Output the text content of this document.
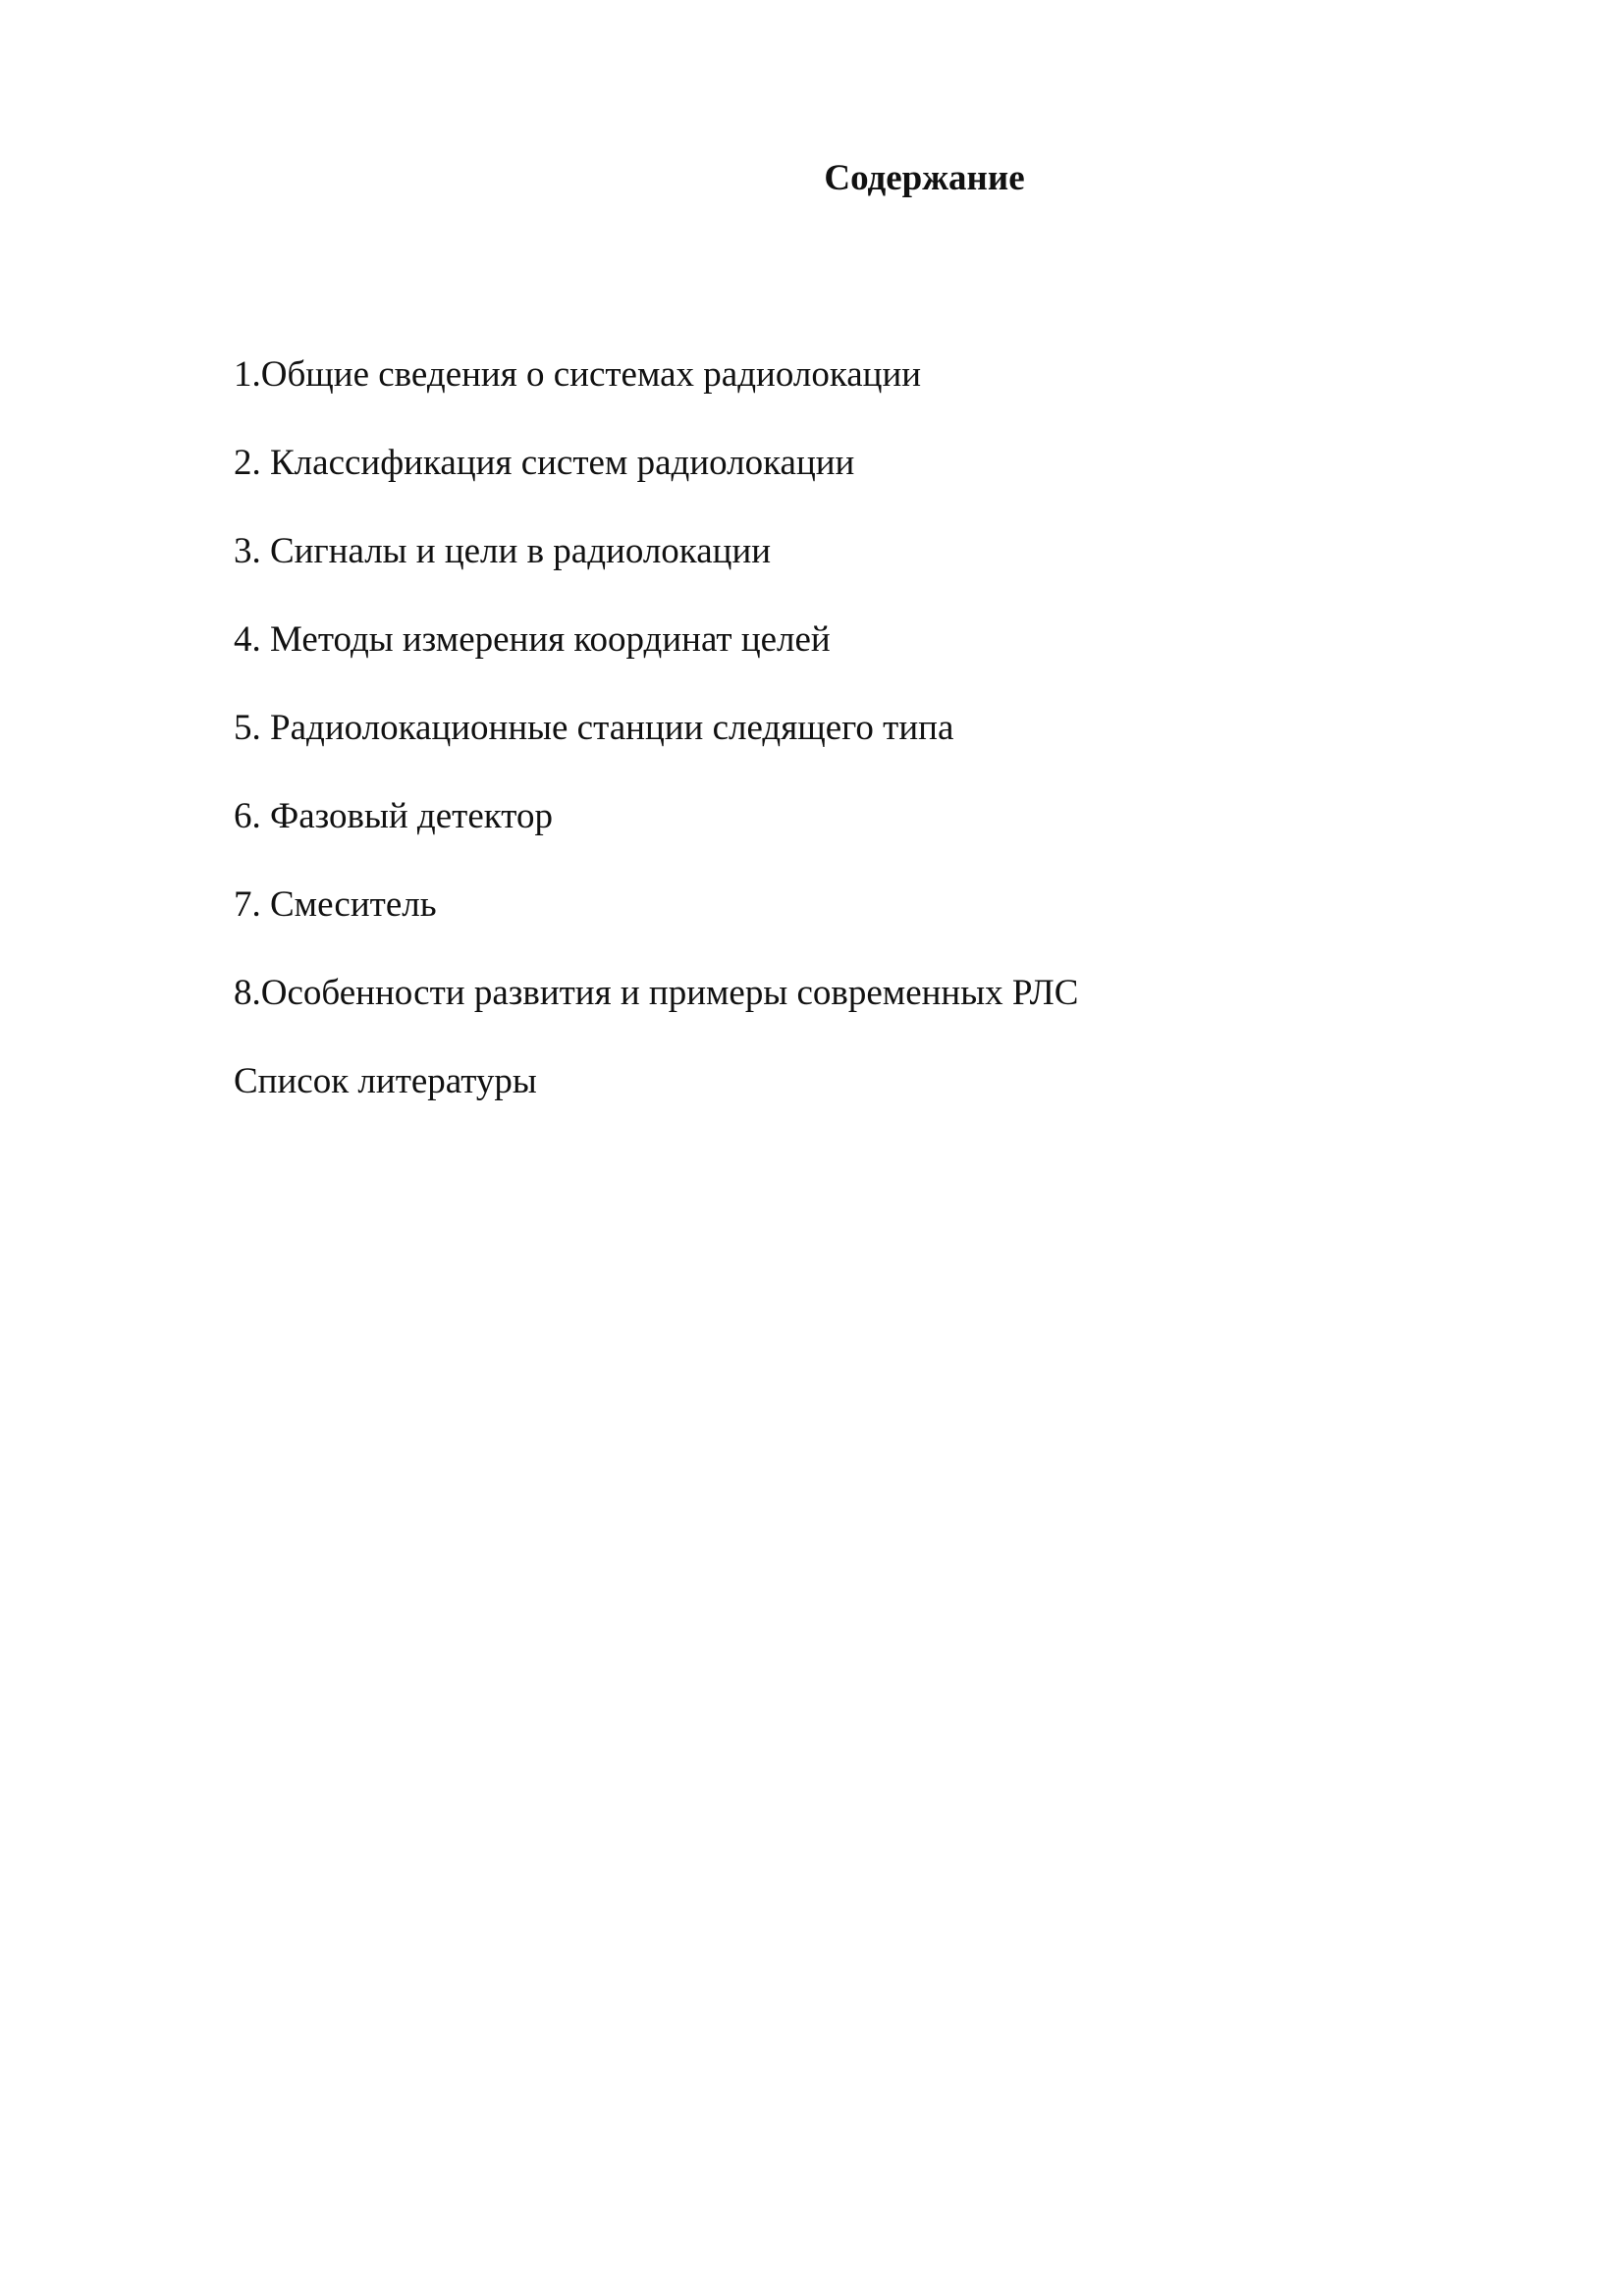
Содержание
1.Общие сведения о системах радиолокации
2. Классификация систем радиолокации
3. Сигналы и цели в радиолокации
4. Методы измерения координат целей
5. Радиолокационные станции следящего типа
6. Фазовый детектор
7. Смеситель
8.Особенности развития и примеры современных РЛС
Список литературы
